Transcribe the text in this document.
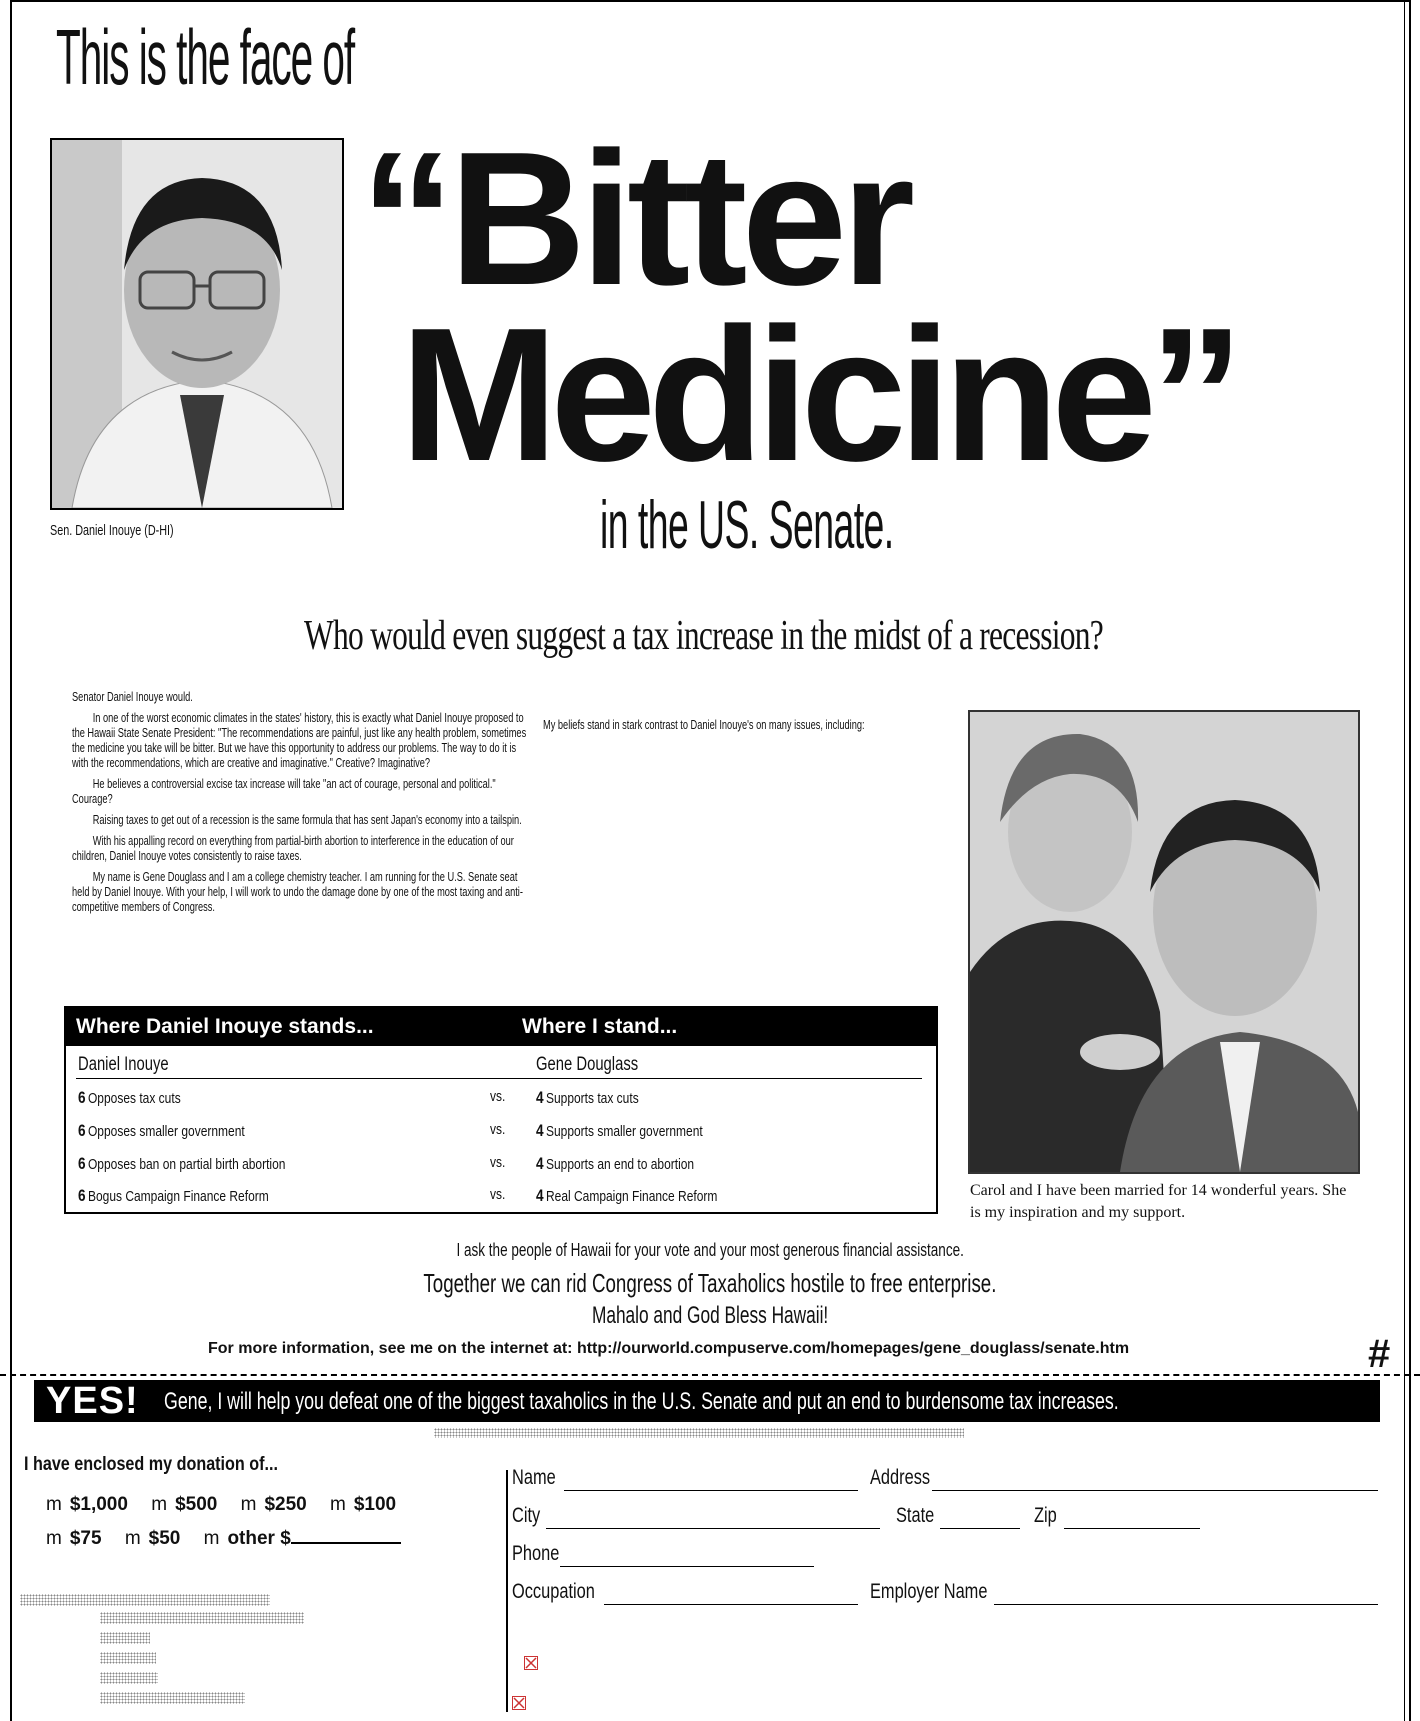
This is the face of
Sen. Daniel Inouye (D-HI)
“Bitter
Medicine”
in the US. Senate.
Who would even suggest a tax increase in the midst of a recession?

Senator Daniel Inouye would.

In one of the worst economic climates in the states' history, this is exactly what Daniel Inouye proposed to the Hawaii State Senate President: "The recommendations are painful, just like any health problem, sometimes the medicine you take will be bitter. But we have this opportunity to address our problems. The way to do it is with the recommendations, which are creative and imaginative." Creative? Imaginative?

He believes a controversial excise tax increase will take "an act of courage, personal and political." Courage?

Raising taxes to get out of a recession is the same formula that has sent Japan's economy into a tailspin.

With his appalling record on everything from partial-birth abortion to interference in the education of our children, Daniel Inouye votes consistently to raise taxes.

My name is Gene Douglass and I am a college chemistry teacher. I am running for the U.S. Senate seat held by Daniel Inouye. With your help, I will work to undo the damage done by one of the most taxing and anti-competitive members of Congress.

My beliefs stand in stark contrast to Daniel Inouye's on many issues, including:
Carol and I have been married for 14 wonderful years. She is my inspiration and my support.
Where Daniel Inouye stands...	Where I stand...
Daniel Inouye	Gene Douglass
6 Opposes tax cuts	vs. 4 Supports tax cuts
6 Opposes smaller government	vs. 4 Supports smaller government
6 Opposes ban on partial birth abortion	vs. 4 Supports an end to abortion
6 Bogus Campaign Finance Reform	vs. 4 Real Campaign Finance Reform
I ask the people of Hawaii for your vote and your most generous financial assistance.
Together we can rid Congress of Taxaholics hostile to free enterprise.
Mahalo and God Bless Hawaii!
For more information, see me on the internet at: http://ourworld.compuserve.com/homepages/gene_douglass/senate.htm	#
YES! Gene, I will help you defeat one of the biggest taxaholics in the U.S. Senate and put an end to burdensome tax increases.
I have enclosed my donation of...
m $1,000 m $500 m $250 m $100
m $75 m $50 m other $
Name	Address
City	State	Zip
Phone
Occupation	Employer Name
